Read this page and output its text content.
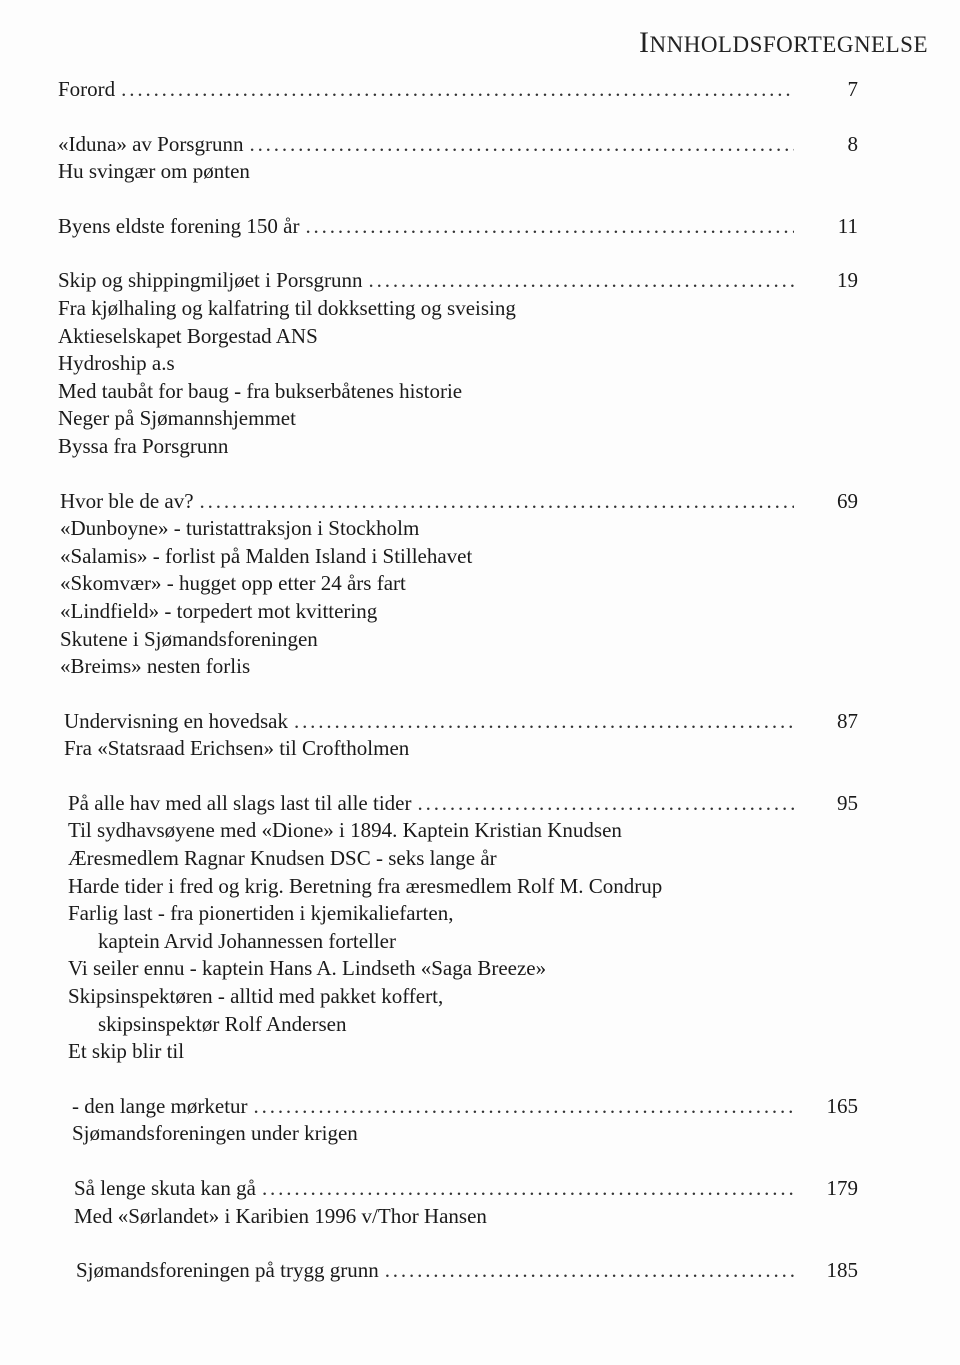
INNHOLDSFORTEGNELSE
Forord . . .	7
«Iduna» av Porsgrunn . . .	8
Hu svingær om pønten
Byens eldste forening 150 år . . .	11
Skip og shippingmiljøet i Porsgrunn . . .	19
Fra kjølhaling og kalfatring til dokksetting og sveising
Aktieselskapet Borgestad ANS
Hydroship a.s
Med taubåt for baug - fra bukserbåtenes historie
Neger på Sjømannshjemmet
Byssa fra Porsgrunn
Hvor ble de av? . . .	69
«Dunboyne» - turistattraksjon i Stockholm
«Salamis» - forlist på Malden Island i Stillehavet
«Skomvær» - hugget opp etter 24 års fart
«Lindfield» - torpedert mot kvittering
Skutene i Sjømandsforeningen
«Breims» nesten forlis
Undervisning en hovedsak . . .	87
Fra «Statsraad Erichsen» til Croftholmen
På alle hav med all slags last til alle tider . . .	95
Til sydhavsøyene med «Dione» i 1894. Kaptein Kristian Knudsen
Æresmedlem Ragnar Knudsen DSC - seks lange år
Harde tider i fred og krig. Beretning fra æresmedlem Rolf M. Condrup
Farlig last - fra pionertiden i kjemikaliefarten,
kaptein Arvid Johannessen forteller
Vi seiler ennu - kaptein Hans A. Lindseth «Saga Breeze»
Skipsinspektøren - alltid med pakket koffert,
skipsinspektør Rolf Andersen
Et skip blir til
- den lange mørketur . . .	165
Sjømandsforeningen under krigen
Så lenge skuta kan gå . . .	179
Med «Sørlandet» i Karibien 1996 v/Thor Hansen
Sjømandsforeningen på trygg grunn . . .	185
